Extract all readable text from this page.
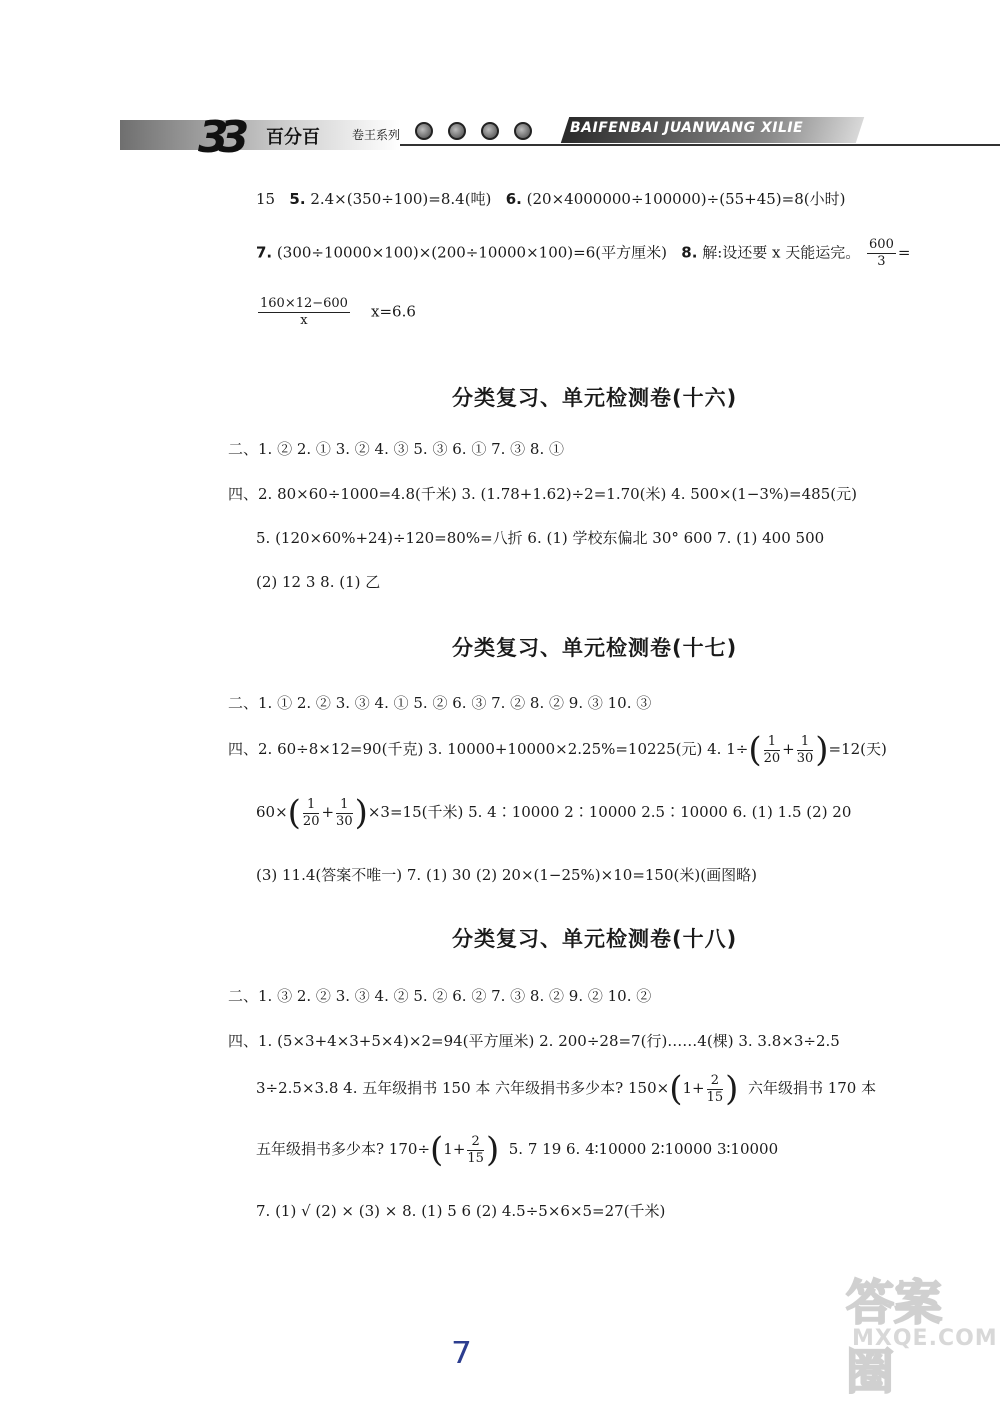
33 百分百	卷王系列	BAIFENBAI JUANWANG XILIE
15 5. 2.4×(350÷100)=8.4(吨) 6. (20×4000000÷100000)÷(55+45)=8(小时)
7. (300÷10000×100)×(200÷10000×100)=6(平方厘米) 8. 解:设还要 x 天能运完。 $\frac{600}{3}$ =
$\frac{160\times 12-600}{x} x=6.6$
分类复习、单元检测卷(十六)
二、1. ② 2. ① 3. ② 4. ③ 5. ③ 6. ① 7. ③ 8. ①
四、2. 80×60÷1000=4.8(千米) 3. (1.78+1.62)÷2=1.70(米) 4. 500×(1−3%)=485(元)
5. (120×60%+24)÷120=80%=八折 6. (1) 学校东偏北 30° 600 7. (1) 400 500
(2) 12 3 8. (1) 乙
分类复习、单元检测卷(十七)
二、1. ① 2. ② 3. ③ 4. ① 5. ② 6. ③ 7. ② 8. ② 9. ③ 10. ③
四、2. 60÷8×12=90(千克) 3. 10000+10000×2.25%=10225(元) 4. $1\div( \frac{1}{20} + \frac{1}{30} )=12$(天)
$60\times( \frac{1}{20} + \frac{1}{30} )\times 3=15$(千米) 5. 4∶10000 2∶10000 2.5∶10000 6. (1) 1.5 (2) 20
(3) 11.4(答案不唯一) 7. (1) 30 (2) 20×(1−25%)×10=150(米)(画图略)
分类复习、单元检测卷(十八)
二、1. ③ 2. ② 3. ③ 4. ② 5. ② 6. ② 7. ③ 8. ② 9. ② 10. ②
四、1. (5×3+4×3+5×4)×2=94(平方厘米) 2. 200÷28=7(行)……4(棵) 3. 3.8×3÷2.5
3÷2.5×3.8 4. 五年级捐书 150 本 六年级捐书多少本? $150\times(1+ \frac{2}{15}$ ) 六年级捐书 170 本
五年级捐书多少本? $170\div(1+ \frac{2}{15}$ ) 5. 7 19 6. 4∶10000 2∶10000 3∶10000
7. (1) √ (2) × (3) × 8. (1) 5 6 (2) 4.5÷5×6×5=27(千米)
答案圈
MXQE.COM
7
